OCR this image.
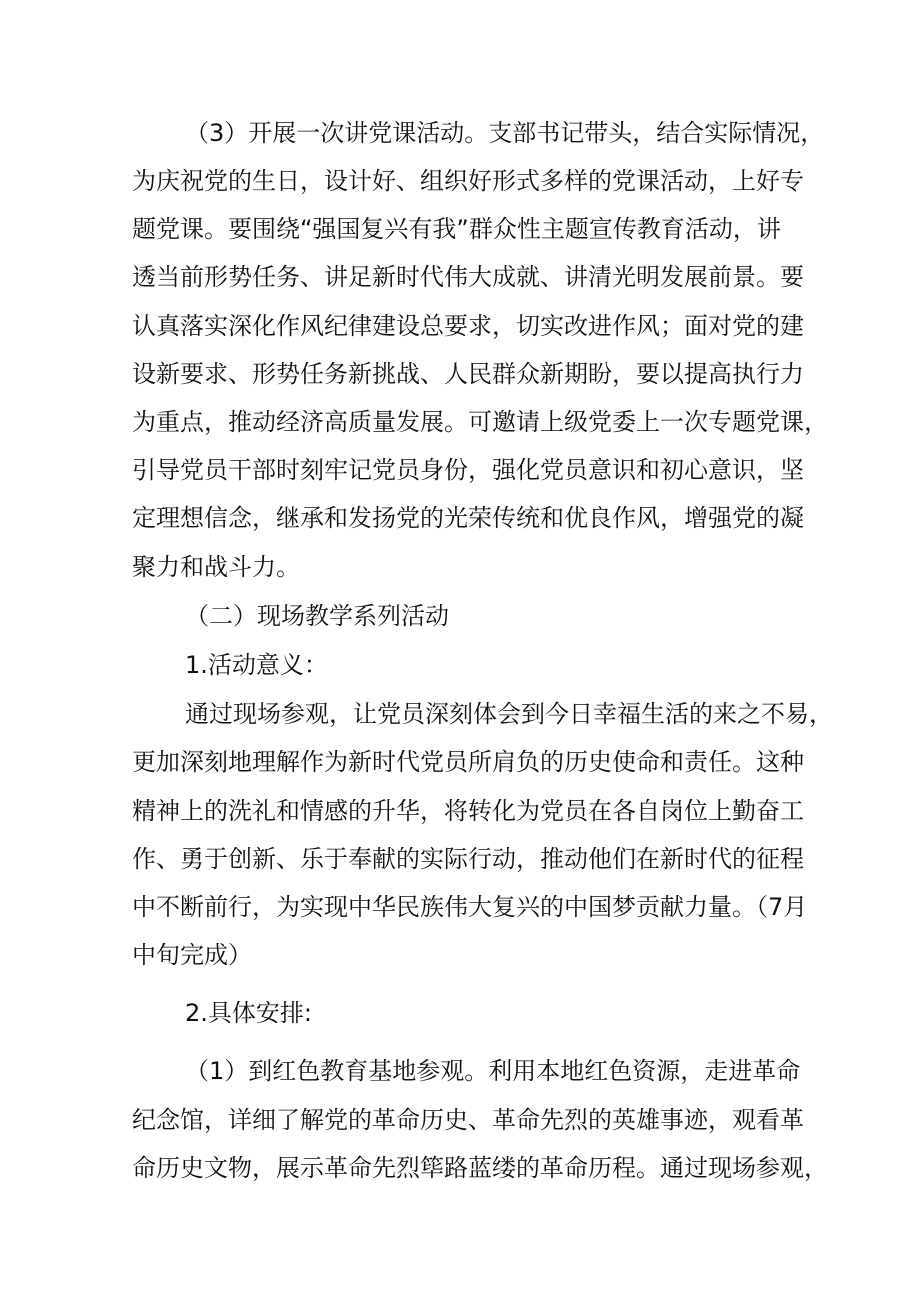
（3）开展一次讲党课活动。支部书记带头，结合实际情况，
为庆祝党的生日，设计好、组织好形式多样的党课活动，上好专
题党课。要围绕“强国复兴有我”群众性主题宣传教育活动，讲
透当前形势任务、讲足新时代伟大成就、讲清光明发展前景。要
认真落实深化作风纪律建设总要求，切实改进作风；面对党的建
设新要求、形势任务新挑战、人民群众新期盼，要以提高执行力
为重点，推动经济高质量发展。可邀请上级党委上一次专题党课，
引导党员干部时刻牢记党员身份，强化党员意识和初心意识，坚
定理想信念，继承和发扬党的光荣传统和优良作风，增强党的凝
聚力和战斗力。
（二）现场教学系列活动
1.活动意义：
通过现场参观，让党员深刻体会到今日幸福生活的来之不易，
更加深刻地理解作为新时代党员所肩负的历史使命和责任。这种
精神上的洗礼和情感的升华，将转化为党员在各自岗位上勤奋工
作、勇于创新、乐于奉献的实际行动，推动他们在新时代的征程
中不断前行，为实现中华民族伟大复兴的中国梦贡献力量。（7月
中旬完成）
2.具体安排:
（1）到红色教育基地参观。利用本地红色资源，走进革命
纪念馆，详细了解党的革命历史、革命先烈的英雄事迹，观看革
命历史文物，展示革命先烈筚路蓝缕的革命历程。通过现场参观，
